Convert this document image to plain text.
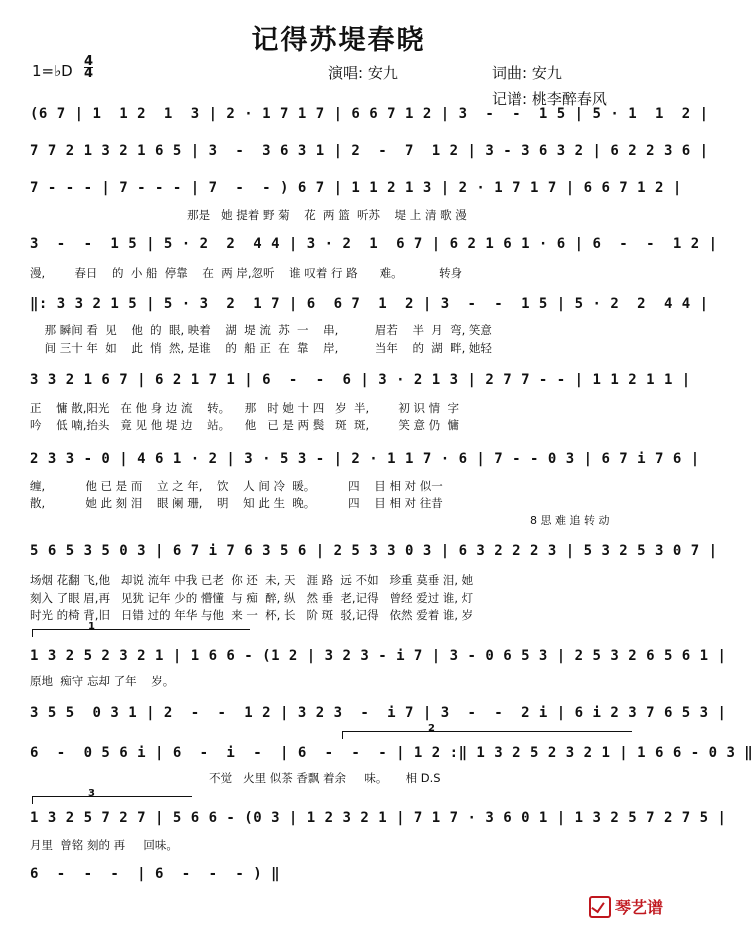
记得苏堤春晓
1=♭D
4
4	演唱: 安九	词曲: 安九
记谱: 桃李醉春风
(6 7 | 1  1 2  1  3 | 2 · 1 7 1 7 | 6 6 7 1 2 | 3  -  -  1 5 | 5 · 1  1  2 |
7 7 2 1 3 2 1 6 5 | 3  -  3 6 3 1 | 2  -  7  1 2 | 3 - 3 6 3 2 | 6 2 2 3 6 |
7 - - - | 7 - - - | 7  -  - ) 6 7 | 1 1 2 1 3 | 2 · 1 7 1 7 | 6 6 7 1 2 |
那是   她 提着 野 菊    花  两 篮  听苏    堤 上 清 歌 漫
3  -  -  1 5 | 5 · 2  2  4 4 | 3 · 2  1  6 7 | 6 2 1 6 1 · 6 | 6  -  -  1 2 |
漫,        春日    的  小 船  停靠    在  两 岸,忽听    谁 叹着 行 路      难。          转身
‖: 3 3 2 1 5 | 5 · 3  2  1 7 | 6  6 7  1  2 | 3  -  -  1 5 | 5 · 2  2  4 4 |
那 瞬间 看  见    他  的  眼, 映着    湖  堤 流  苏  一    串,          眉若    半  月  弯, 笑意
间 三十 年  如    此  悄  然, 是谁    的  船 正  在  靠    岸,          当年    的  湖  畔, 她轻
3 3 2 1 6 7 | 6 2 1 7 1 | 6  -  -  6 | 3 · 2 1 3 | 2 7 7 - - | 1 1 2 1 1 |
正    慵 散,阳光   在 他 身 边 流    转。    那   时 她 十 四   岁  半,        初 识 情  字
吟    低 喃,抬头   竟 见 他 堤 边    站。    他   已 是 两 鬓   斑  斑,        笑 意 仍  慵
2 3 3 - 0 | 4 6 1 · 2 | 3 · 5 3 - | 2 · 1 1 7 · 6 | 7 - - 0 3 | 6 7 i 7 6 |
缠,           他 已 是 而    立 之 年,    饮    人 间 冷  暖。         四    目 相 对 似一
散,           她 此 刻 泪    眼 阑 珊,    明    知 此 生  晚。         四    目 相 对 往昔
8 思 难 追 转 动
5 6 5 3 5 0 3 | 6 7 i 7 6 3 5 6 | 2 5 3 3 0 3 | 6 3 2 2 2 3 | 5 3 2 5 3 0 7 |
场烟 花翻 飞,他   却说 流年 中我 已老  你 还  未, 天   涯 路  远 不如   珍重 莫垂 泪, 她
刻入 了眼 眉,再   见犹 记年 少的 懵懂  与 痴  醉, 纵   然 垂  老,记得   曾经 爱过 谁, 灯
时光 的椅 背,旧   日错 过的 年华 与他  来 一  杯, 长   阶 斑  驳,记得   依然 爱着 谁, 岁
1
1 3 2 5 2 3 2 1 | 1 6 6 - (1 2 | 3 2 3 - i 7 | 3 - 0 6 5 3 | 2 5 3 2 6 5 6 1 |
原地  痴守 忘却 了年    岁。
3 5 5  0 3 1 | 2  -  -  1 2 | 3 2 3  -  i 7 | 3  -  -  2 i | 6 i 2 3 7 6 5 3 |
2
6  -  0 5 6 i | 6  -  i  -  | 6  -  -  - | 1 2 :‖ 1 3 2 5 2 3 2 1 | 1 6 6 - 0 3 ‖
不觉   火里 似茶 香飘 着余     味。     相 D.S
3
1 3 2 5 7 2 7 | 5 6 6 - (0 3 | 1 2 3 2 1 | 7 1 7 · 3 6 0 1 | 1 3 2 5 7 2 7 5 |
月里  曾铭 刻的 再     回味。
6  -  -  -  | 6  -  -  - ) ‖
琴艺谱
